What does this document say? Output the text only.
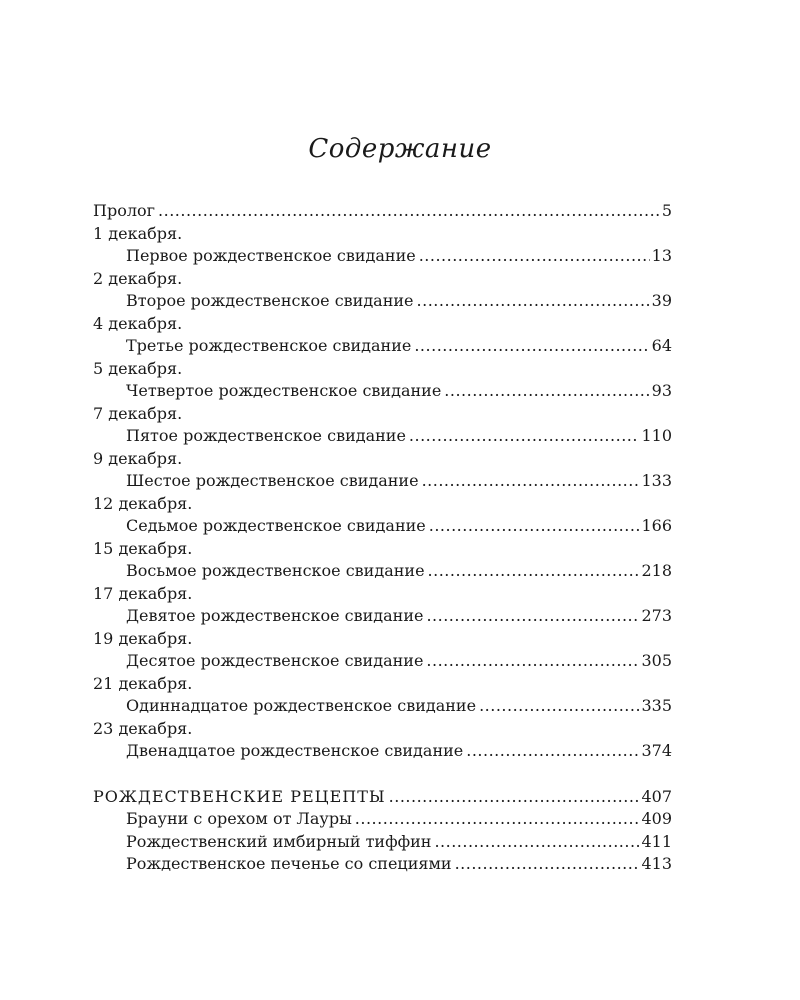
Содержание
Пролог .....	5
1 декабря.
Первое рождественское свидание .....	13
2 декабря.
Второе рождественское свидание .....	39
4 декабря.
Третье рождественское свидание .....	64
5 декабря.
Четвертое рождественское свидание .....	93
7 декабря.
Пятое рождественское свидание .....	110
9 декабря.
Шестое рождественское свидание .....	133
12 декабря.
Седьмое рождественское свидание .....	166
15 декабря.
Восьмое рождественское свидание .....	218
17 декабря.
Девятое рождественское свидание .....	273
19 декабря.
Десятое рождественское свидание .....	305
21 декабря.
Одиннадцатое рождественское свидание .....	335
23 декабря.
Двенадцатое рождественское свидание .....	374
РОЖДЕСТВЕНСКИЕ РЕЦЕПТЫ .....	407
Брауни с орехом от Лауры .....	409
Рождественский имбирный тиффин .....	411
Рождественское печенье со специями .....	413
